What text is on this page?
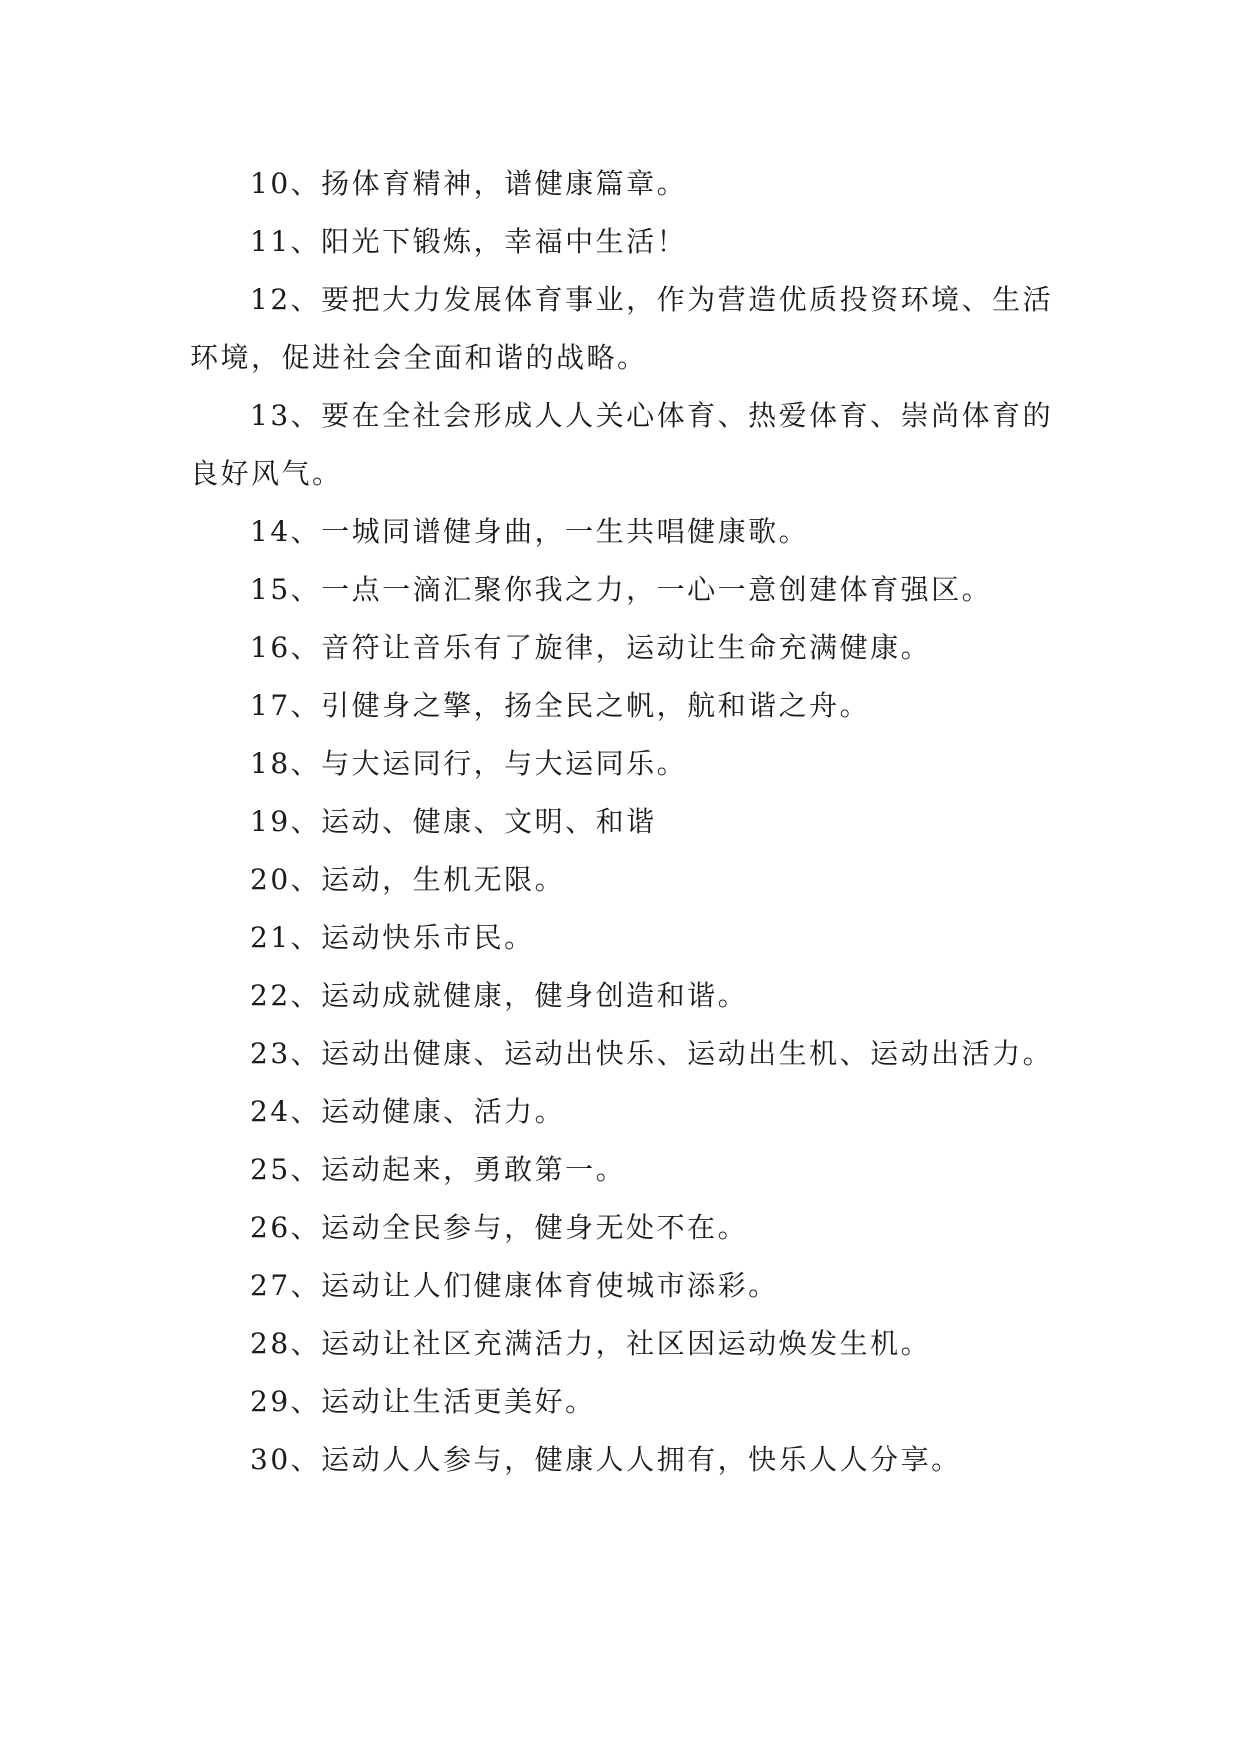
10、扬体育精神，谱健康篇章。

11、阳光下锻炼，幸福中生活！

12、要把大力发展体育事业，作为营造优质投资环境、生活环境，促进社会全面和谐的战略。

13、要在全社会形成人人关心体育、热爱体育、崇尚体育的良好风气。

14、一城同谱健身曲，一生共唱健康歌。

15、一点一滴汇聚你我之力，一心一意创建体育强区。

16、音符让音乐有了旋律，运动让生命充满健康。

17、引健身之擎，扬全民之帆，航和谐之舟。

18、与大运同行，与大运同乐。

19、运动、健康、文明、和谐

20、运动，生机无限。

21、运动快乐市民。

22、运动成就健康，健身创造和谐。

23、运动出健康、运动出快乐、运动出生机、运动出活力。

24、运动健康、活力。

25、运动起来，勇敢第一。

26、运动全民参与，健身无处不在。

27、运动让人们健康体育使城市添彩。

28、运动让社区充满活力，社区因运动焕发生机。

29、运动让生活更美好。

30、运动人人参与，健康人人拥有，快乐人人分享。
